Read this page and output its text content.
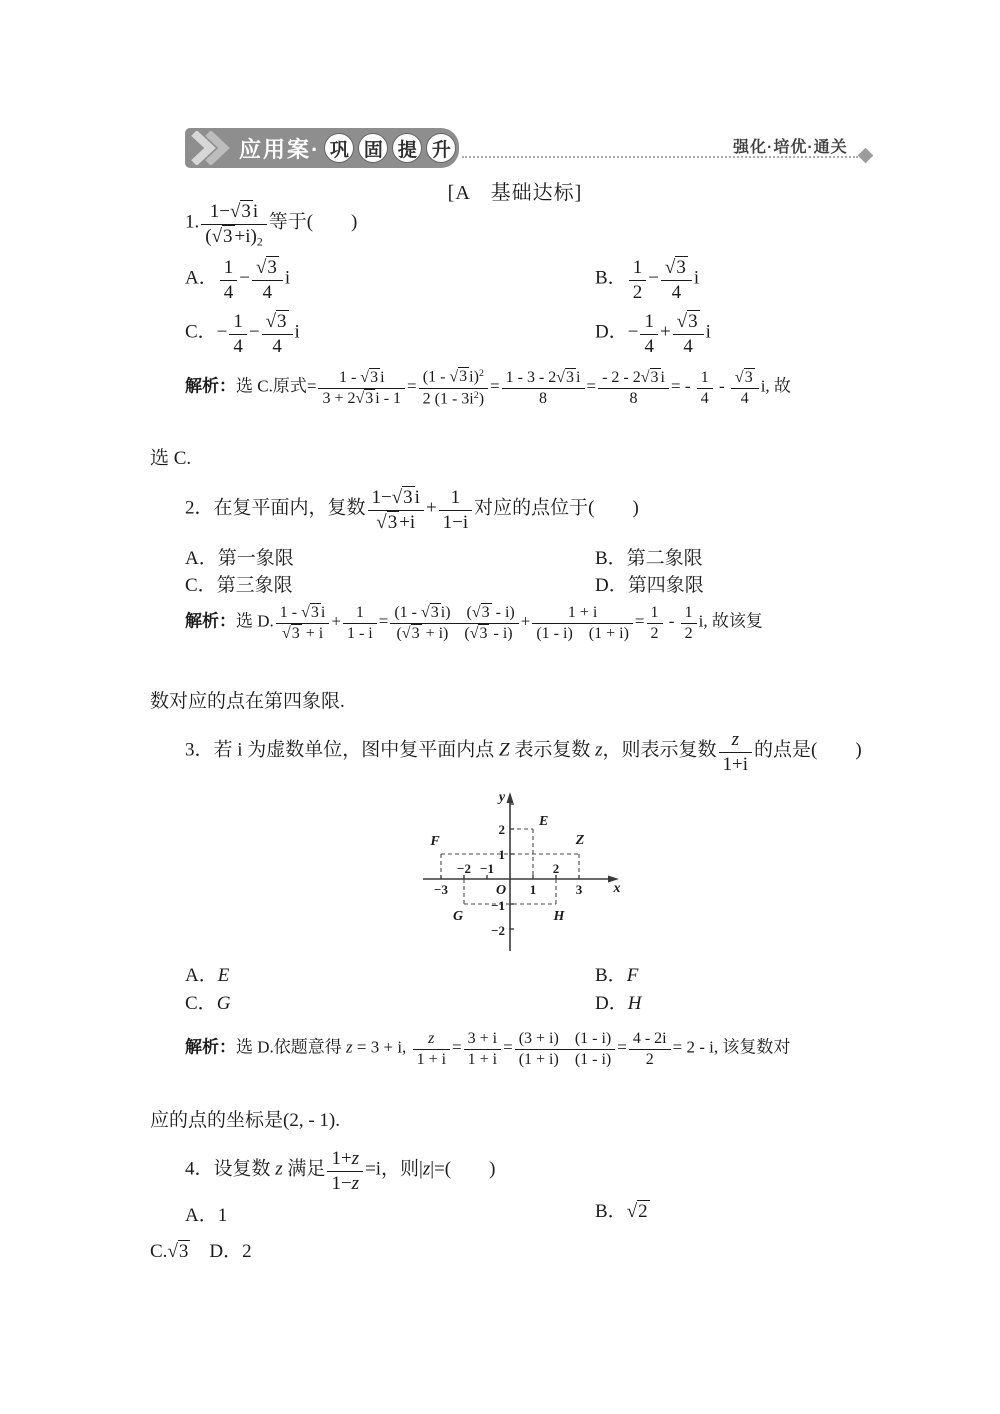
应用案· 巩 固 提 升	强化·培优·通关
[A　基础达标]
1. $\frac{1-√3 i}{(√3 +i)_2}$ 等于(　　)
A． $\frac{1}{4} - \frac{√3}{4}$ i	B． $\frac{1}{2} - \frac{√3}{4}$ i
C．− $\frac{1}{4} - \frac{√3}{4}$ i	D．− $\frac{1}{4} + \frac{√3}{4}$ i
解析：选 C.原式= $\frac{1 - √3 i}{3 + 2√3 i - 1} = \frac{(1 - √3 i)^2}{2 (1 - 3i^2)} = \frac{1 - 3 - 2√3 i}{8} = \frac{- 2 - 2√3 i}{8}$ = - $\frac{1}{4} - \frac{√3}{4} i$, 故
选 C.
2．在复平面内，复数 $\frac{1-√3 i}{√3 +i} + \frac{1}{1-i}$ 对应的点位于(　　)
A．第一象限	B．第二象限
C．第三象限	D．第四象限
解析：选 D. $\frac{1 - √3 i}{√3 + i} + \frac{1}{1 - i} = \frac{(1 - √3 i) (√3 - i)}{(√3 + i) (√3 - i)} + \frac{1 + i}{(1 - i) (1 + i)} = \frac{1}{2} - \frac{1}{2} i$, 故该复
数对应的点在第四象限.
3．若 i 为虚数单位，图中复平面内点 Z 表示复数 z，则表示复数 $\frac{z}{1+i}$ 的点是(　　)
−3
−2 −1
1
2
3
2
1
−1
−2
O	x
y
E
F	Z
G	H
A．E	B．F
C．G	D．H
解析：选 D.依题意得 z = 3 + i, $\frac{z}{1 + i} = \frac{3 + i}{1 + i} = \frac{(3 + i) (1 - i)}{(1 + i) (1 - i)} = \frac{4 - 2i}{2} = 2 - i$, 该复数对
应的点的坐标是(2, - 1).
4．设复数 z 满足 $\frac{1+z}{1-z} =i$，则|z|=(　　)
A．1	B．√2
C.√3　D．2
